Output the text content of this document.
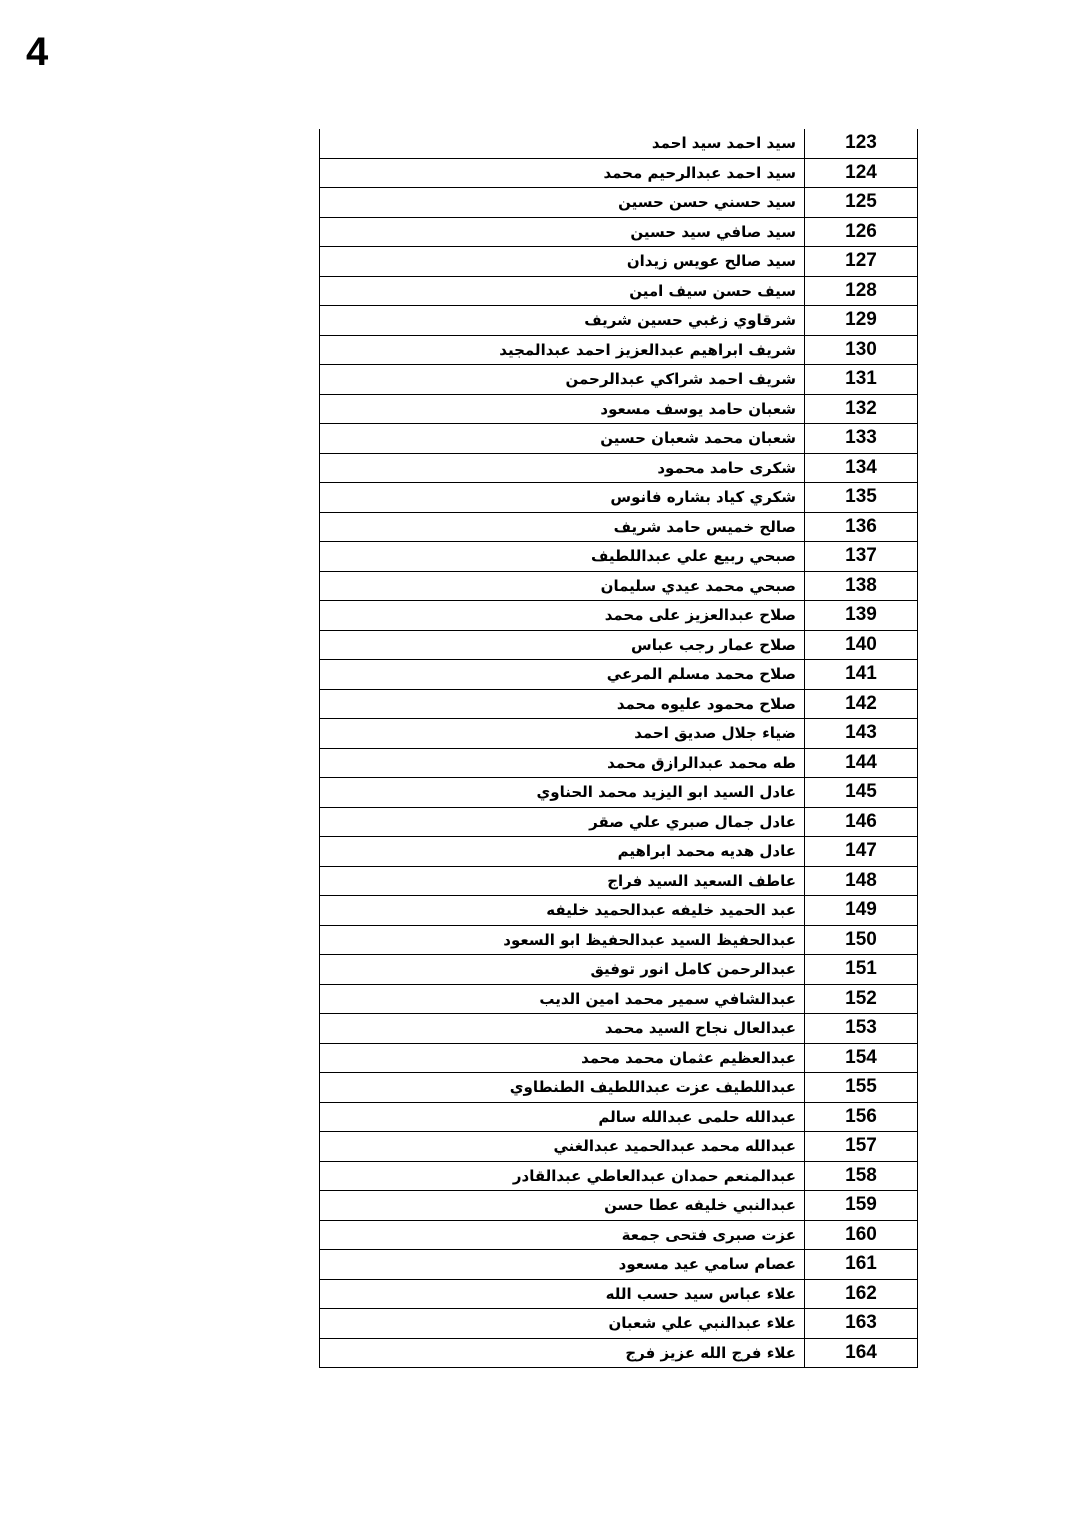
4
123	سيد احمد سيد احمد
124	سيد احمد عبدالرحيم محمد
125	سيد حسني حسن حسين
126	سيد صافي سيد حسين
127	سيد صالح عويس زيدان
128	سيف حسن سيف امين
129	شرقاوي زغبي حسين شريف
130	شريف ابراهيم عبدالعزيز احمد عبدالمجيد
131	شريف احمد شراكي عبدالرحمن
132	شعبان حامد يوسف مسعود
133	شعبان محمد شعبان حسين
134	شكرى حامد محمود
135	شكري كياد بشاره فانوس
136	صالح خميس حامد شريف
137	صبحي ربيع علي عبداللطيف
138	صبحي محمد عيدي سليمان
139	صلاح عبدالعزيز على محمد
140	صلاح عمار رجب عباس
141	صلاح محمد مسلم المرعي
142	صلاح محمود عليوه محمد
143	ضياء جلال صديق احمد
144	طه محمد عبدالرازق محمد
145	عادل السيد ابو اليزيد محمد الحناوي
146	عادل جمال صبري علي صقر
147	عادل هديه محمد ابراهيم
148	عاطف السعيد السيد فراج
149	عبد الحميد خليفه عبدالحميد خليفه
150	عبدالحفيظ السيد عبدالحفيظ ابو السعود
151	عبدالرحمن كامل انور توفيق
152	عبدالشافي سمير محمد امين الديب
153	عبدالعال نجاح السيد محمد
154	عبدالعظيم عثمان محمد محمد
155	عبداللطيف عزت عبداللطيف الطنطاوي
156	عبدالله حلمى عبدالله سالم
157	عبدالله محمد عبدالحميد عبدالغني
158	عبدالمنعم حمدان عبدالعاطي عبدالقادر
159	عبدالنبي خليفه عطا حسن
160	عزت صبرى فتحى جمعة
161	عصام سامي عيد مسعود
162	علاء عباس سيد حسب الله
163	علاء عبدالنبي علي شعبان
164	علاء فرج الله عزيز فرج
